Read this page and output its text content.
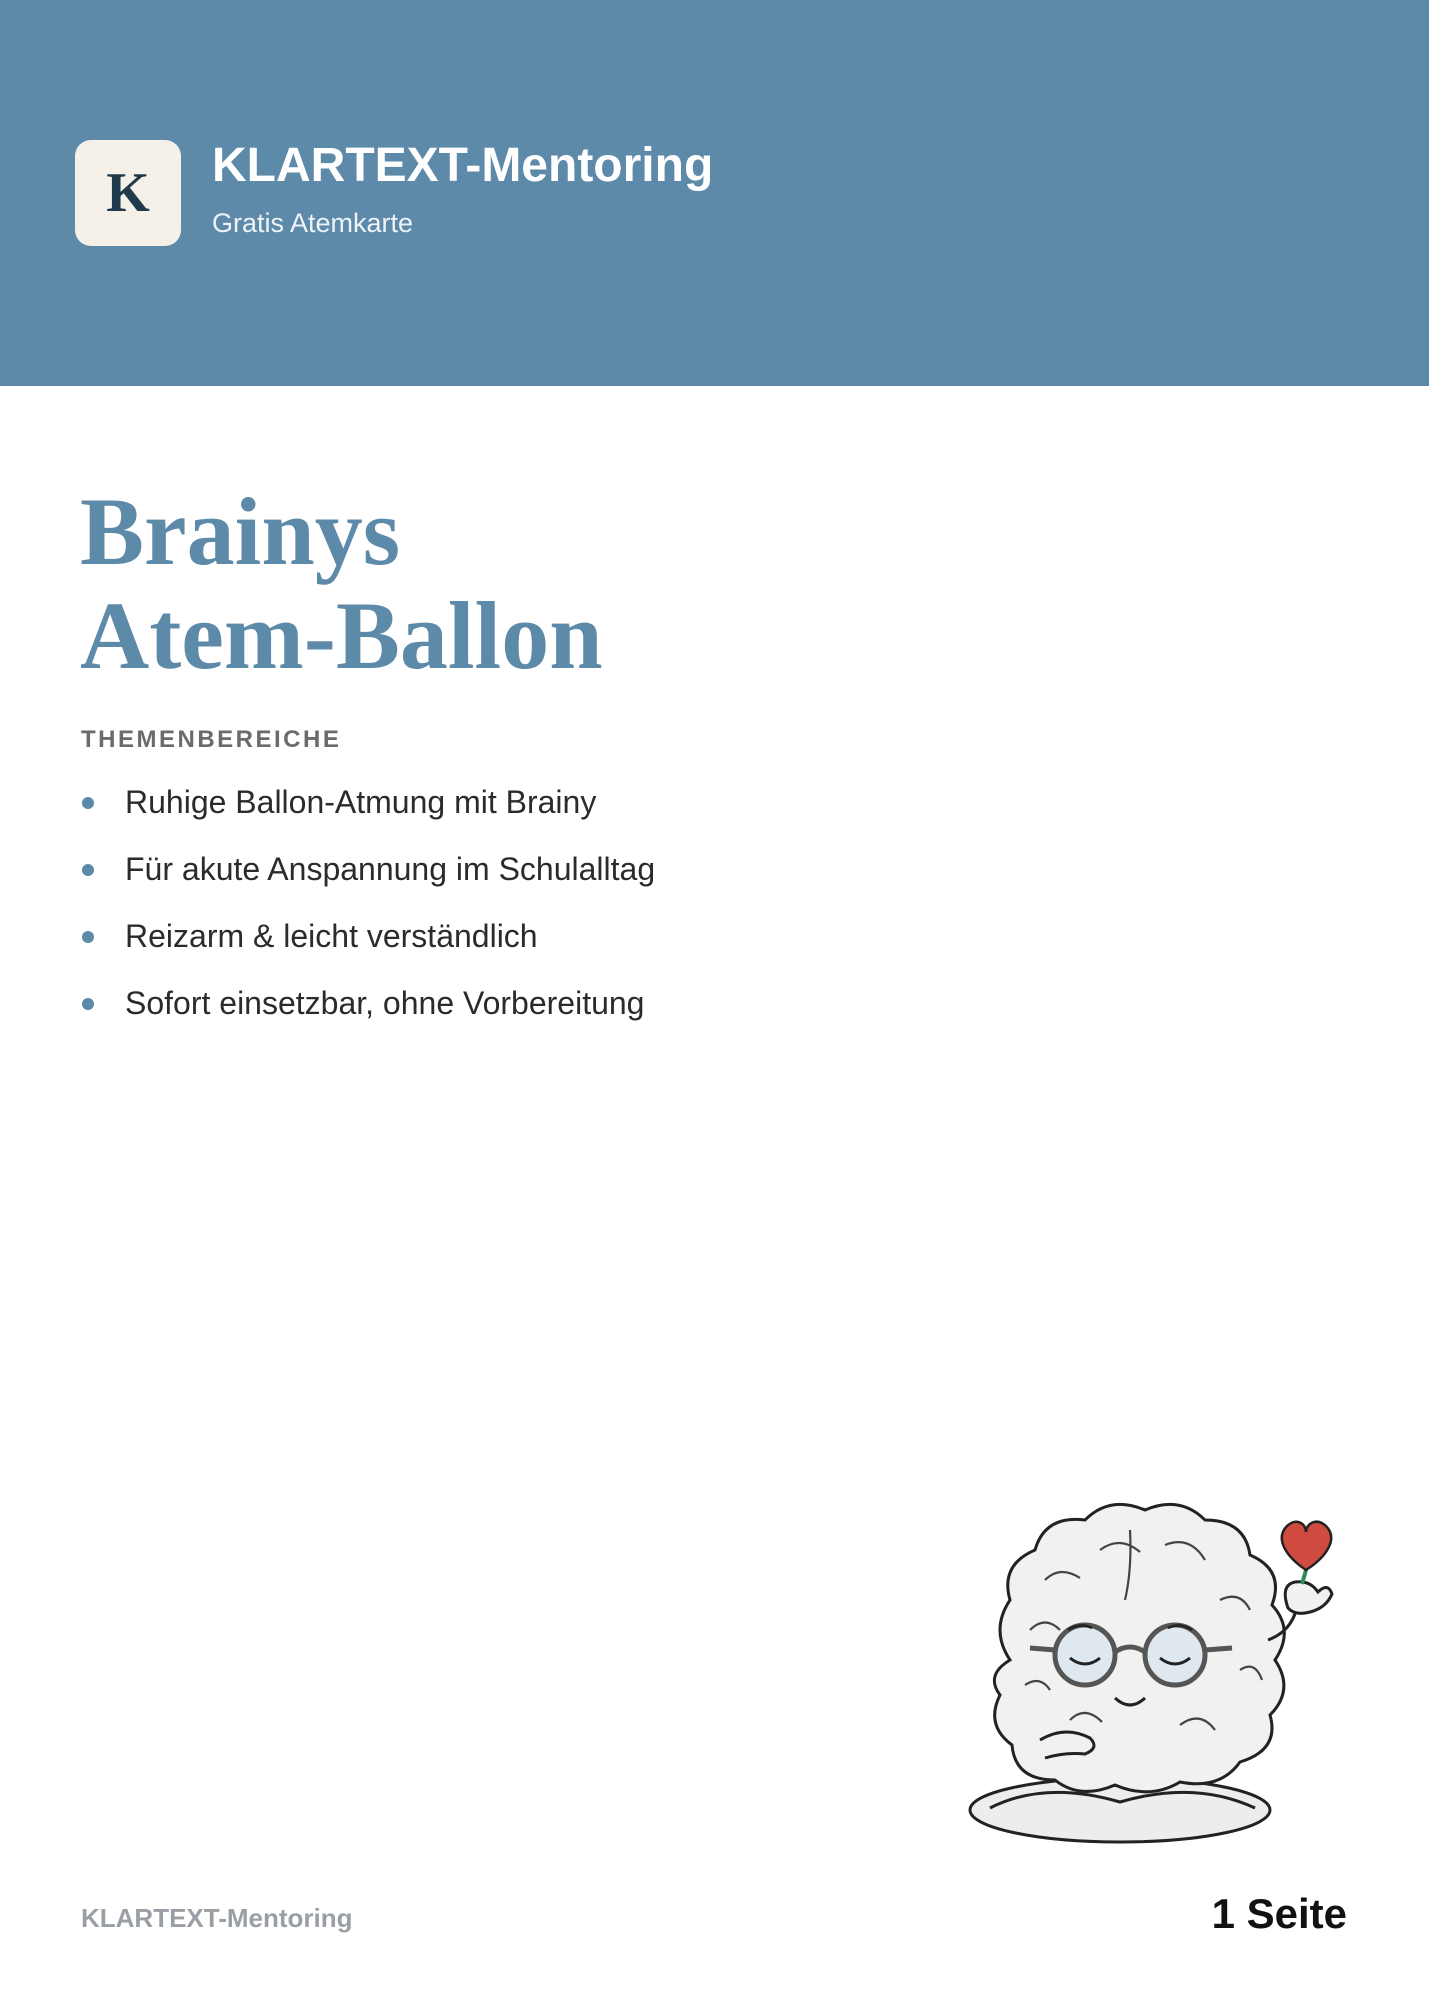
K KLARTEXT-Mentoring
Gratis Atemkarte
Brainys
Atem-Ballon
THEMENBEREICHE
Ruhige Ballon-Atmung mit Brainy
Für akute Anspannung im Schulalltag
Reizarm & leicht verständlich
Sofort einsetzbar, ohne Vorbereitung
KLARTEXT-Mentoring	1 Seite
